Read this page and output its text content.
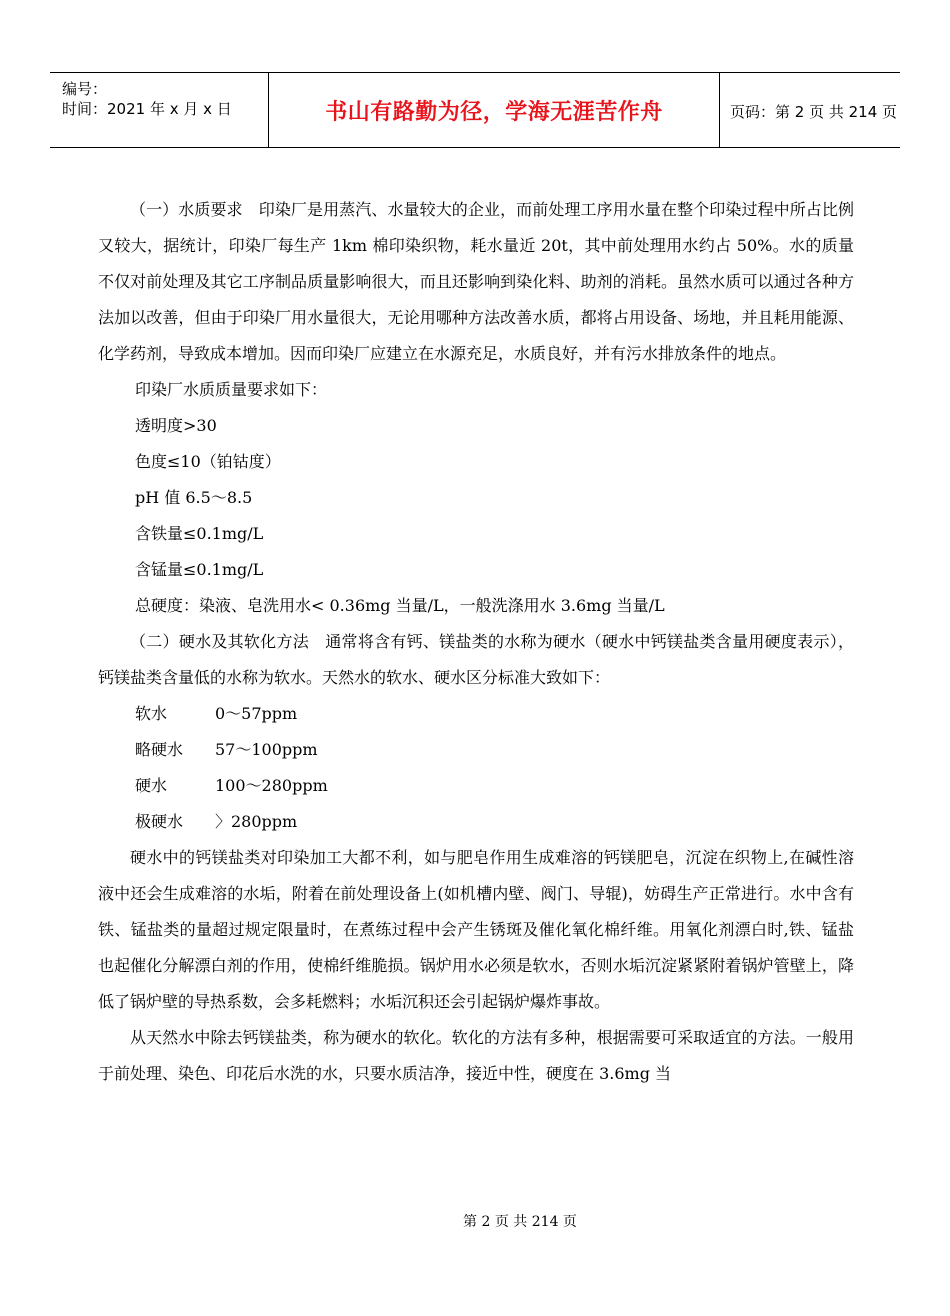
编号：
时间：2021 年 x 月 x 日	书山有路勤为径，学海无涯苦作舟	页码：第 2 页 共 214 页

（一）水质要求　印染厂是用蒸汽、水量较大的企业，而前处理工序用水量在整个印染过程中所占比例又较大，据统计，印染厂每生产 1km 棉印染织物，耗水量近 20t，其中前处理用水约占 50%。水的质量不仅对前处理及其它工序制品质量影响很大，而且还影响到染化料、助剂的消耗。虽然水质可以通过各种方法加以改善，但由于印染厂用水量很大，无论用哪种方法改善水质，都将占用设备、场地，并且耗用能源、化学药剂，导致成本增加。因而印染厂应建立在水源充足，水质良好，并有污水排放条件的地点。

印染厂水质质量要求如下：

透明度>30

色度≤10（铂钴度）

pH 值 6.5～8.5

含铁量≤0.1mg/L

含锰量≤0.1mg/L

总硬度：染液、皂洗用水< 0.36mg 当量/L，一般洗涤用水 3.6mg 当量/L

（二）硬水及其软化方法　通常将含有钙、镁盐类的水称为硬水（硬水中钙镁盐类含量用硬度表示），钙镁盐类含量低的水称为软水。天然水的软水、硬水区分标准大致如下：

软水	0～57ppm

略硬水	57～100ppm

硬水	100～280ppm

极硬水	〉280ppm

硬水中的钙镁盐类对印染加工大都不利，如与肥皂作用生成难溶的钙镁肥皂，沉淀在织物上,在碱性溶液中还会生成难溶的水垢，附着在前处理设备上(如机槽内壁、阀门、导辊)，妨碍生产正常进行。水中含有铁、锰盐类的量超过规定限量时，在煮练过程中会产生锈斑及催化氧化棉纤维。用氧化剂漂白时,铁、锰盐也起催化分解漂白剂的作用，使棉纤维脆损。锅炉用水必须是软水，否则水垢沉淀紧紧附着锅炉管壁上，降低了锅炉壁的导热系数，会多耗燃料；水垢沉积还会引起锅炉爆炸事故。

从天然水中除去钙镁盐类，称为硬水的软化。软化的方法有多种，根据需要可采取适宜的方法。一般用于前处理、染色、印花后水洗的水，只要水质洁净，接近中性，硬度在 3.6mg 当

第 2 页 共 214 页
